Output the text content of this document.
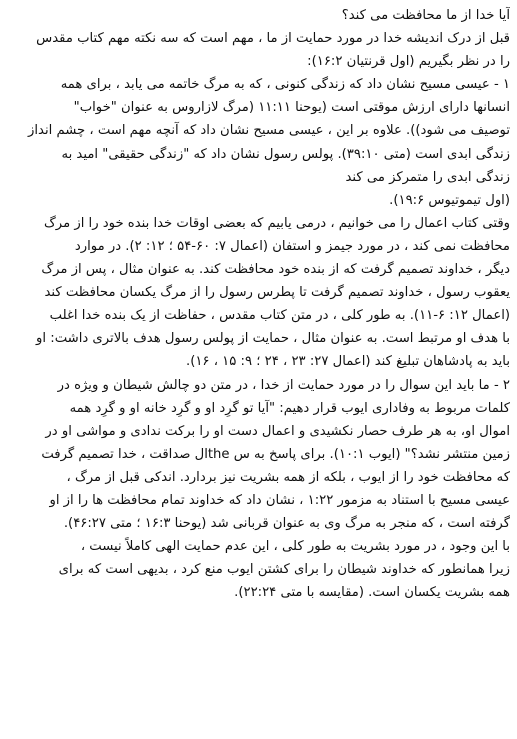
آیا خدا از ما محافظت می کند؟
قبل از درک اندیشه خدا در مورد حمایت از ما ، مهم است که سه نکته مهم کتاب مقدس
را در نظر بگیریم (اول قرنتیان ۱۶:۲):
۱ - عیسی مسیح نشان داد که زندگی کنونی ، که به مرگ خاتمه می یابد ، برای همه
انسانها دارای ارزش موقتی است (یوحنا ۱۱:۱۱ (مرگ لازاروس به عنوان "خواب"
توصیف می شود)). علاوه بر این ، عیسی مسیح نشان داد که آنچه مهم است ، چشم انداز
زندگی ابدی است (متی ۳۹:۱۰). پولس رسول نشان داد که "زندگی حقیقی" امید به
زندگی ابدی را متمرکز می کند
(اول تیموتیوس ۱۹:۶).
وقتی کتاب اعمال را می خوانیم ، درمی یابیم که بعضی اوقات خدا بنده خود را از مرگ
محافظت نمی کند ، در مورد جیمز و استفان (اعمال ۷: ۶۰-۵۴ ؛ ۱۲: ۲). در موارد
دیگر ، خداوند تصمیم گرفت که از بنده خود محافظت کند. به عنوان مثال ، پس از مرگ
یعقوب رسول ، خداوند تصمیم گرفت تا پطرس رسول را از مرگ یکسان محافظت کند
(اعمال ۱۲: ۶-۱۱). به طور کلی ، در متن کتاب مقدس ، حفاظت از یک بنده خدا اغلب
با هدف او مرتبط است. به عنوان مثال ، حمایت از پولس رسول هدف بالاتری داشت: او
باید به پادشاهان تبلیغ کند (اعمال ۲۷: ۲۳ ، ۲۴ ؛ ۹: ۱۵ ، ۱۶).
۲ - ما باید این سوال را در مورد حمایت از خدا ، در متن دو چالش شیطان و ویژه در
کلمات مربوط به وفاداری ایوب قرار دهیم: "آیا تو گرِد او و گرِد خانه او و گرِد همه
اموال او، به هر طرف حصار نکشیدی و اعمال دست او را برکت ندادی و مواشی او در
زمین منتشر نشد؟" (ایوب ۱۰:۱). برای پاسخ به س theال صداقت ، خدا تصمیم گرفت
که محافظت خود را از ایوب ، بلکه از همه بشریت نیز بردارد. اندکی قبل از مرگ ،
عیسی مسیح با استناد به مزمور ۱:۲۲ ، نشان داد که خداوند تمام محافظت ها را از او
گرفته است ، که منجر به مرگ وی به عنوان قربانی شد (یوحنا ۱۶:۳ ؛ متی ۴۶:۲۷).
با این وجود ، در مورد بشریت به طور کلی ، این عدم حمایت الهی کاملاً نیست ،
زیرا همانطور که خداوند شیطان را برای کشتن ایوب منع کرد ، بدیهی است که برای
همه بشریت یکسان است. (مقایسه با متی ۲۲:۲۴).
